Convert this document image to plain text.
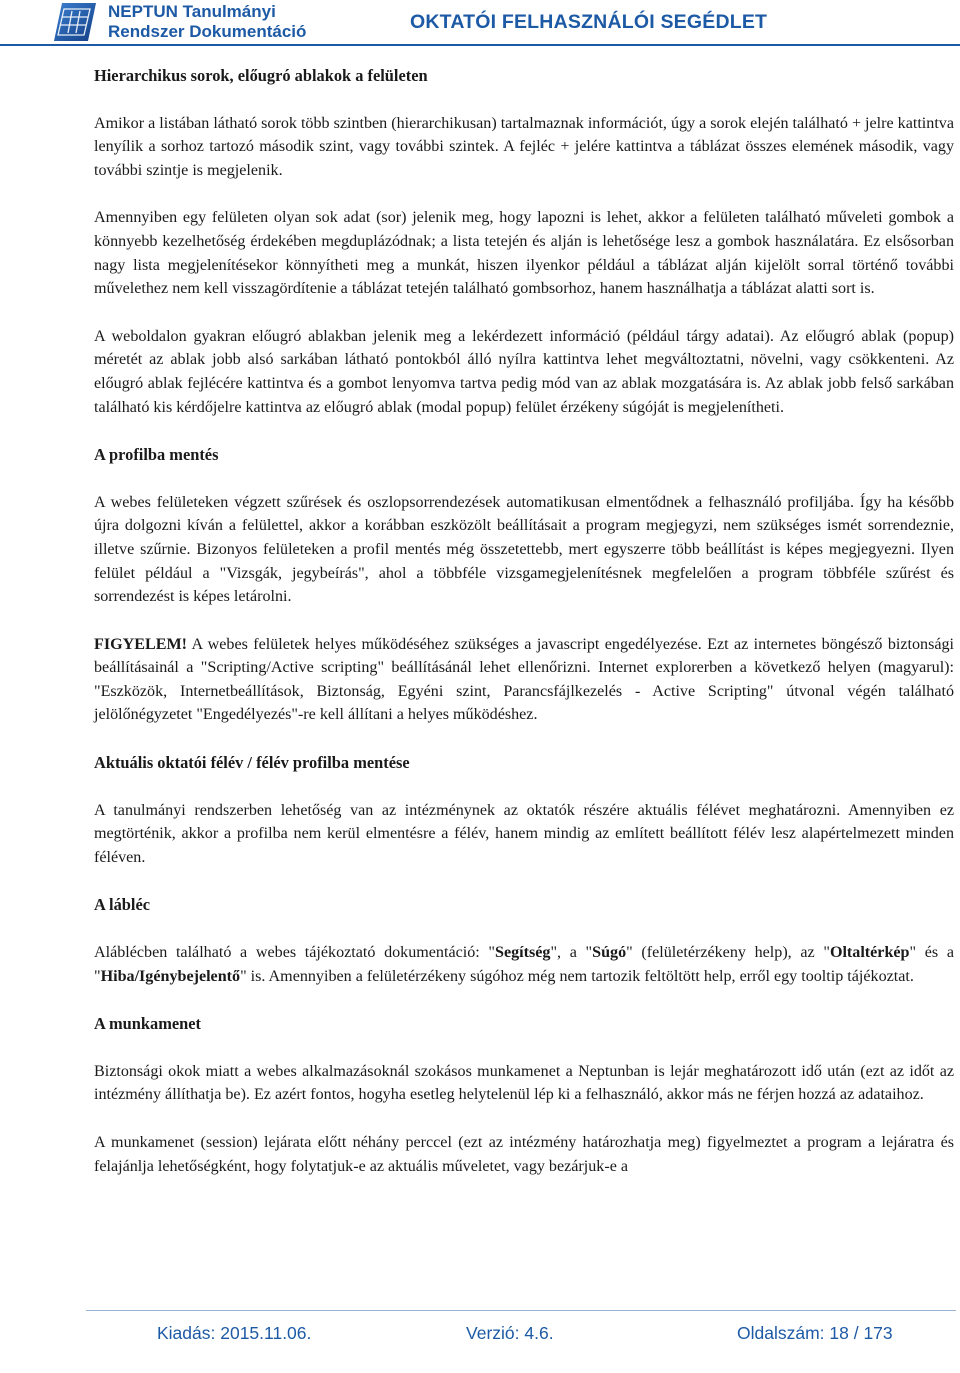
NEPTUN Tanulmányi
Rendszer Dokumentáció	OKTATÓI FELHASZNÁLÓI SEGÉDLET
Hierarchikus sorok, előugró ablakok a felületen

Amikor a listában látható sorok több szintben (hierarchikusan) tartalmaznak információt, úgy a sorok elején található + jelre kattintva lenyílik a sorhoz tartozó második szint, vagy további szintek. A fejléc + jelére kattintva a táblázat összes elemének második, vagy további szintje is megjelenik.

Amennyiben egy felületen olyan sok adat (sor) jelenik meg, hogy lapozni is lehet, akkor a felületen található műveleti gombok a könnyebb kezelhetőség érdekében megduplázódnak; a lista tetején és alján is lehetősége lesz a gombok használatára. Ez elsősorban nagy lista megjelenítésekor könnyítheti meg a munkát, hiszen ilyenkor például a táblázat alján kijelölt sorral történő további művelethez nem kell visszagördítenie a táblázat tetején található gombsorhoz, hanem használhatja a táblázat alatti sort is.

A weboldalon gyakran előugró ablakban jelenik meg a lekérdezett információ (például tárgy adatai). Az előugró ablak (popup) méretét az ablak jobb alsó sarkában látható pontokból álló nyílra kattintva lehet megváltoztatni, növelni, vagy csökkenteni. Az előugró ablak fejlécére kattintva és a gombot lenyomva tartva pedig mód van az ablak mozgatására is. Az ablak jobb felső sarkában található kis kérdőjelre kattintva az előugró ablak (modal popup) felület érzékeny súgóját is megjelenítheti.

A profilba mentés

A webes felületeken végzett szűrések és oszlopsorrendezések automatikusan elmentődnek a felhasználó profiljába. Így ha később újra dolgozni kíván a felülettel, akkor a korábban eszközölt beállításait a program megjegyzi, nem szükséges ismét sorrendeznie, illetve szűrnie. Bizonyos felületeken a profil mentés még összetettebb, mert egyszerre több beállítást is képes megjegyezni. Ilyen felület például a "Vizsgák, jegybeírás", ahol a többféle vizsgamegjelenítésnek megfelelően a program többféle szűrést és sorrendezést is képes letárolni.

FIGYELEM! A webes felületek helyes működéséhez szükséges a javascript engedélyezése. Ezt az internetes böngésző biztonsági beállításainál a "Scripting/Active scripting" beállításánál lehet ellenőrizni. Internet explorerben a következő helyen (magyarul): "Eszközök, Internetbeállítások, Biztonság, Egyéni szint, Parancsfájlkezelés - Active Scripting" útvonal végén található jelölőnégyzetet "Engedélyezés"-re kell állítani a helyes működéshez.

Aktuális oktatói félév / félév profilba mentése

A tanulmányi rendszerben lehetőség van az intézménynek az oktatók részére aktuális félévet meghatározni. Amennyiben ez megtörténik, akkor a profilba nem kerül elmentésre a félév, hanem mindig az említett beállított félév lesz alapértelmezett minden féléven.

A lábléc

Aláblécben található a webes tájékoztató dokumentáció: "Segítség", a "Súgó" (felületérzékeny help), az "Oltaltérkép" és a "Hiba/Igénybejelentő" is. Amennyiben a felületérzékeny súgóhoz még nem tartozik feltöltött help, erről egy tooltip tájékoztat.

A munkamenet

Biztonsági okok miatt a webes alkalmazásoknál szokásos munkamenet a Neptunban is lejár meghatározott idő után (ezt az időt az intézmény állíthatja be). Ez azért fontos, hogyha esetleg helytelenül lép ki a felhasználó, akkor más ne férjen hozzá az adataihoz.

A munkamenet (session) lejárata előtt néhány perccel (ezt az intézmény határozhatja meg) figyelmeztet a program a lejáratra és felajánlja lehetőségként, hogy folytatjuk-e az aktuális műveletet, vagy bezárjuk-e a

Kiadás: 2015.11.06.	Verzió: 4.6.	Oldalszám: 18 / 173
